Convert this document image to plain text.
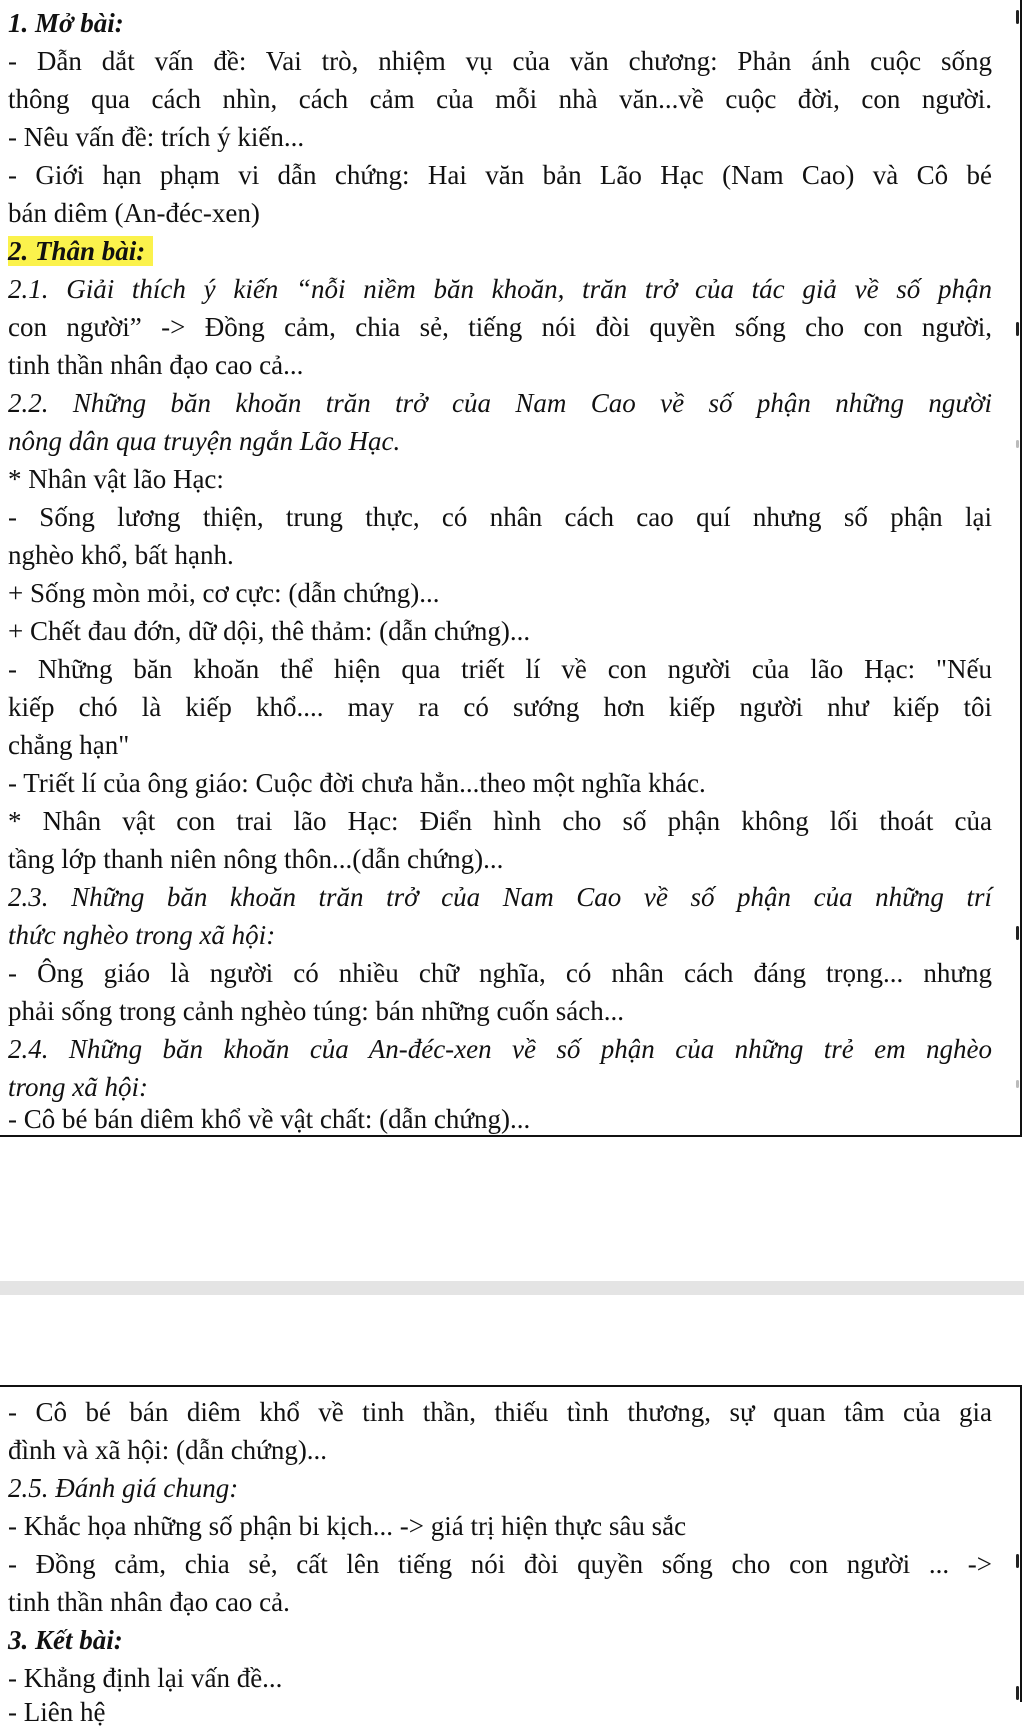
1. Mở bài:
- Dẫn dắt vấn đề: Vai trò, nhiệm vụ của văn chương: Phản ánh cuộc sống
thông qua cách nhìn, cách cảm của mỗi nhà văn...về cuộc đời, con người.
- Nêu vấn đề: trích ý kiến...
- Giới hạn phạm vi dẫn chứng: Hai văn bản Lão Hạc (Nam Cao) và Cô bé
bán diêm (An-đéc-xen)
2. Thân bài:
2.1. Giải thích ý kiến “nỗi niềm băn khoăn, trăn trở của tác giả về số phận
con người” -> Đồng cảm, chia sẻ, tiếng nói đòi quyền sống cho con người,
tinh thần nhân đạo cao cả...
2.2. Những băn khoăn trăn trở của Nam Cao về số phận những người
nông dân qua truyện ngắn Lão Hạc.
* Nhân vật lão Hạc:
- Sống lương thiện, trung thực, có nhân cách cao quí nhưng số phận lại
nghèo khổ, bất hạnh.
+ Sống mòn mỏi, cơ cực: (dẫn chứng)...
+ Chết đau đớn, dữ dội, thê thảm: (dẫn chứng)...
- Những băn khoăn thể hiện qua triết lí về con người của lão Hạc: "Nếu
kiếp chó là kiếp khổ.... may ra có sướng hơn kiếp người như kiếp tôi
chẳng hạn"
- Triết lí của ông giáo: Cuộc đời chưa hẳn...theo một nghĩa khác.
* Nhân vật con trai lão Hạc: Điển hình cho số phận không lối thoát của
tầng lớp thanh niên nông thôn...(dẫn chứng)...
2.3. Những băn khoăn trăn trở của Nam Cao về số phận của những trí
thức nghèo trong xã hội:
- Ông giáo là người có nhiều chữ nghĩa, có nhân cách đáng trọng... nhưng
phải sống trong cảnh nghèo túng: bán những cuốn sách...
2.4. Những băn khoăn của An-đéc-xen về số phận của những trẻ em nghèo
trong xã hội:
- Cô bé bán diêm khổ về vật chất: (dẫn chứng)...
- Cô bé bán diêm khổ về tinh thần, thiếu tình thương, sự quan tâm của gia
đình và xã hội: (dẫn chứng)...
2.5. Đánh giá chung:
- Khắc họa những số phận bi kịch... -> giá trị hiện thực sâu sắc
- Đồng cảm, chia sẻ, cất lên tiếng nói đòi quyền sống cho con người ... ->
tinh thần nhân đạo cao cả.
3. Kết bài:
- Khẳng định lại vấn đề...
- Liên hệ
